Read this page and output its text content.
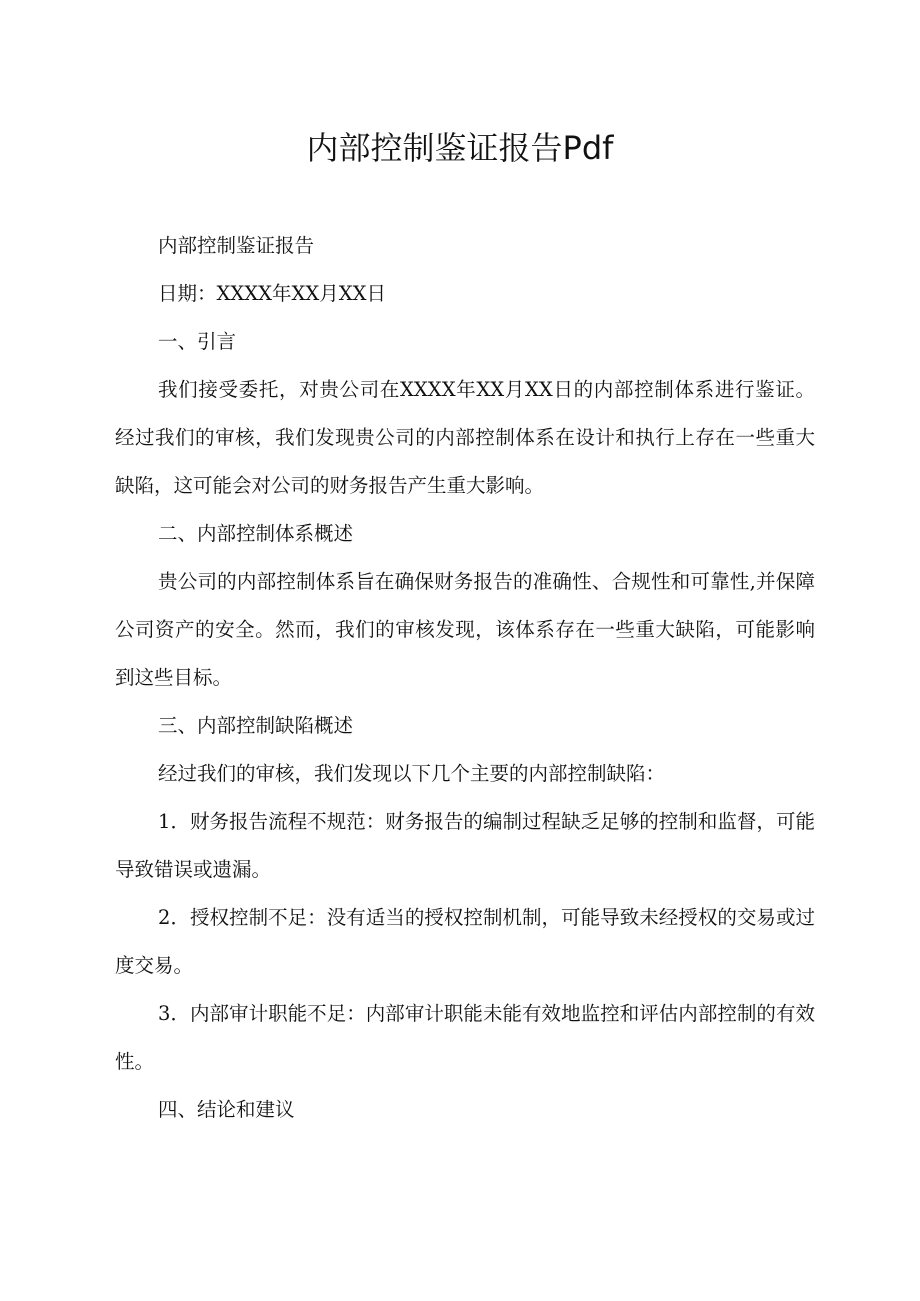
内部控制鉴证报告Pdf

内部控制鉴证报告

日期：XXXX年XX月XX日

一、引言

我们接受委托，对贵公司在XXXX年XX月XX日的内部控制体系进行鉴证。经过我们的审核，我们发现贵公司的内部控制体系在设计和执行上存在一些重大缺陷，这可能会对公司的财务报告产生重大影响。

二、内部控制体系概述

贵公司的内部控制体系旨在确保财务报告的准确性、合规性和可靠性,并保障公司资产的安全。然而，我们的审核发现，该体系存在一些重大缺陷，可能影响到这些目标。

三、内部控制缺陷概述

经过我们的审核，我们发现以下几个主要的内部控制缺陷：

1．财务报告流程不规范：财务报告的编制过程缺乏足够的控制和监督，可能导致错误或遗漏。

2．授权控制不足：没有适当的授权控制机制，可能导致未经授权的交易或过度交易。

3．内部审计职能不足：内部审计职能未能有效地监控和评估内部控制的有效性。

四、结论和建议
